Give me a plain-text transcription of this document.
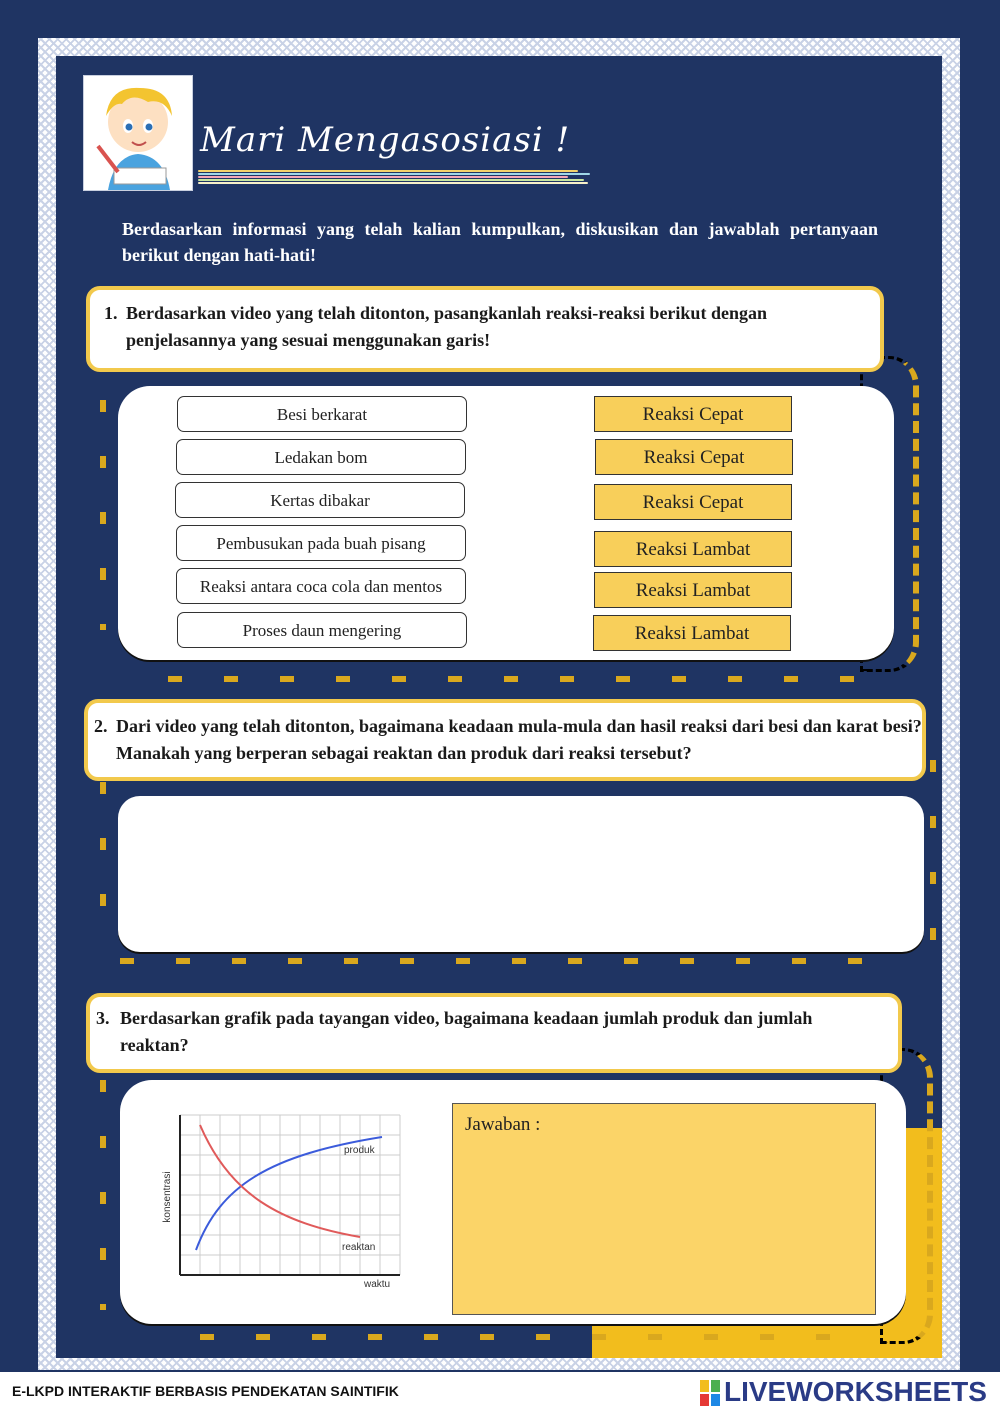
Mari Mengasosiasi !
Berdasarkan informasi yang telah kalian kumpulkan, diskusikan dan jawablah pertanyaan berikut dengan hati-hati!
1. Berdasarkan video yang telah ditonton, pasangkanlah reaksi-reaksi berikut dengan penjelasannya yang sesuai menggunakan garis!
Besi berkarat
Ledakan bom
Kertas dibakar
Pembusukan pada buah pisang
Reaksi antara coca cola dan mentos
Proses daun mengering
Reaksi Cepat
Reaksi Cepat
Reaksi Cepat
Reaksi Lambat
Reaksi Lambat
Reaksi Lambat
2. Dari video yang telah ditonton, bagaimana keadaan mula-mula dan hasil reaksi dari besi dan karat besi? Manakah yang berperan sebagai reaktan dan produk dari reaksi tersebut?
3. Berdasarkan grafik pada tayangan video, bagaimana keadaan jumlah produk dan jumlah reaktan?
konsentrasi
waktu
produk
reaktan
Jawaban :
E-LKPD INTERAKTIF BERBASIS PENDEKATAN SAINTIFIK	LIVEWORKSHEETS
